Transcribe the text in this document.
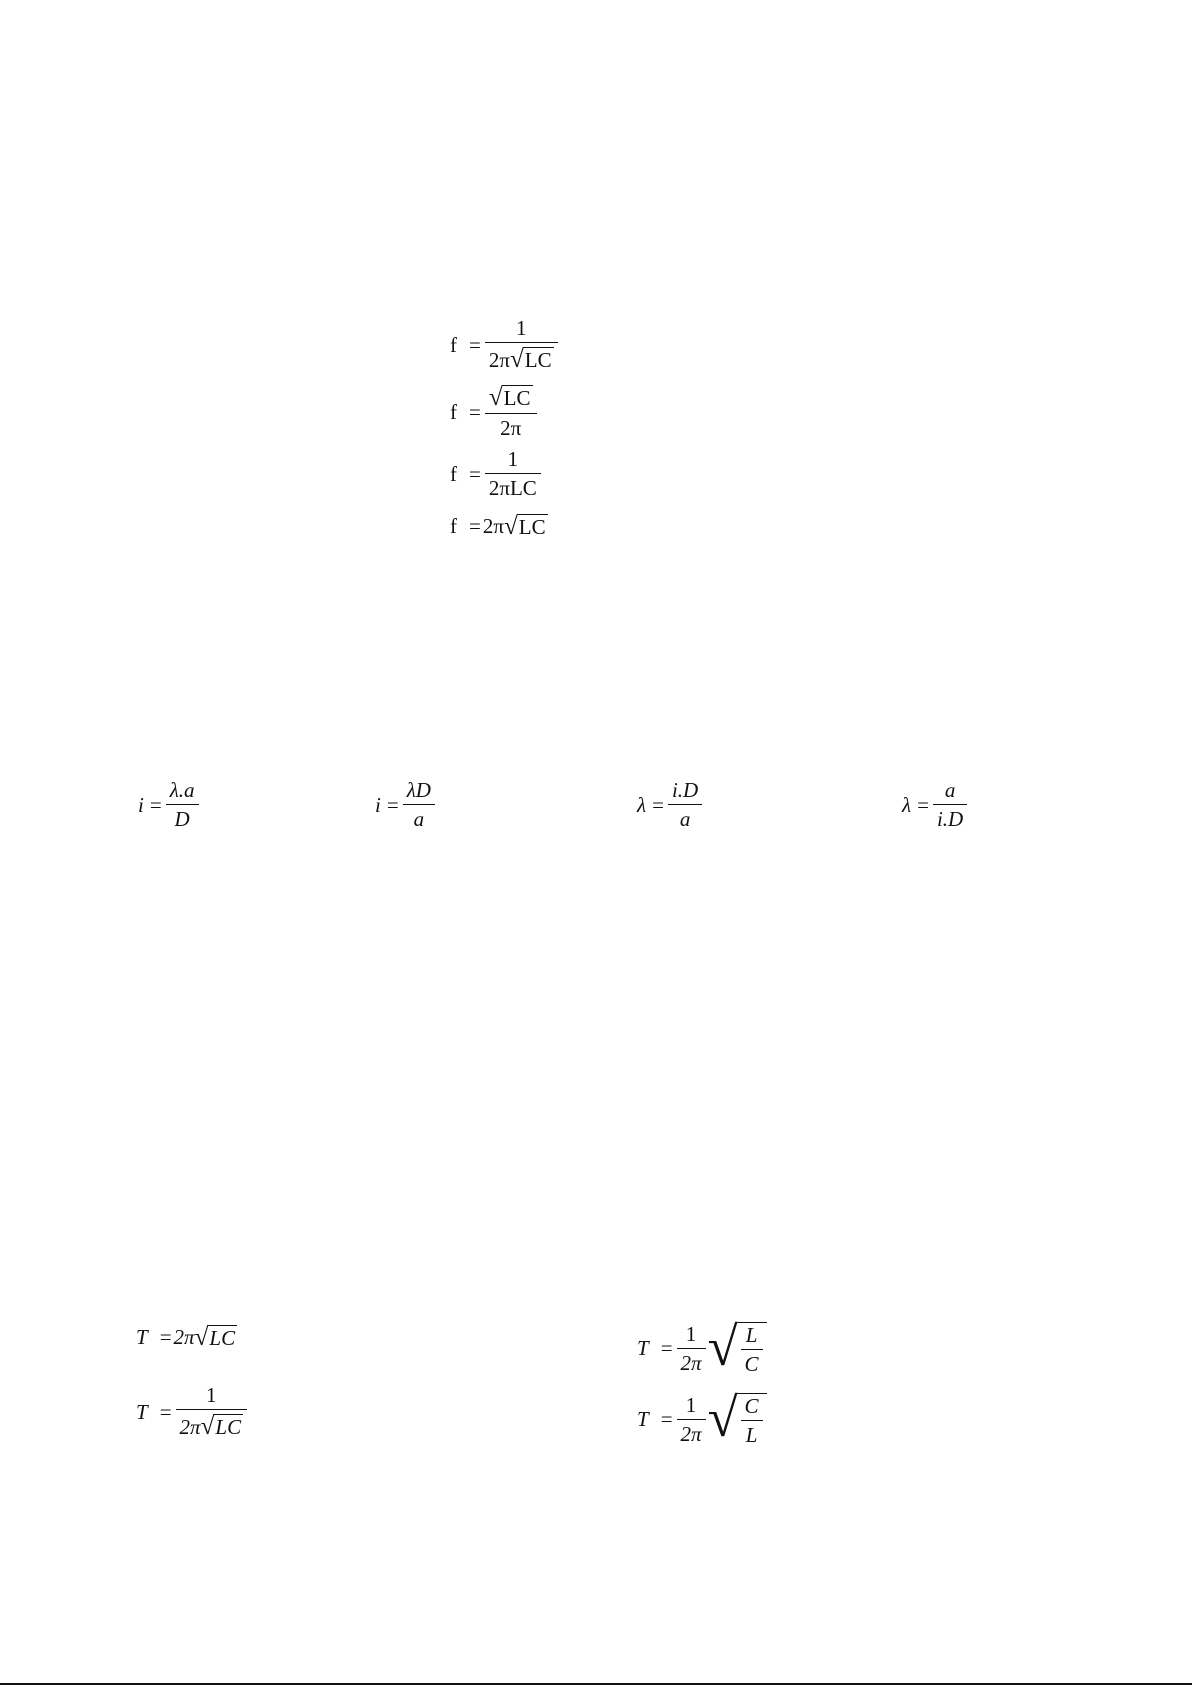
$f = \frac{1}{2\pi √ LC}$
$f = \frac{√ LC}{2\pi}$
$f = \frac{1}{\text{2πLC}}$
f = 2π √ LC
$i = \frac{\lambda.a}{D}$	$i = \frac{\lambda D}{a}$	$\lambda = \frac{i.D}{a}$	$\lambda = \frac{a}{i.D}$
T = 2π √ LC
$T = \frac{1}{2\pi √ LC}$
$T = \frac{1}{2\pi}$ √ $\frac{L}{C}$
$T = \frac{1}{2\pi}$ √ $\frac{C}{L}$
